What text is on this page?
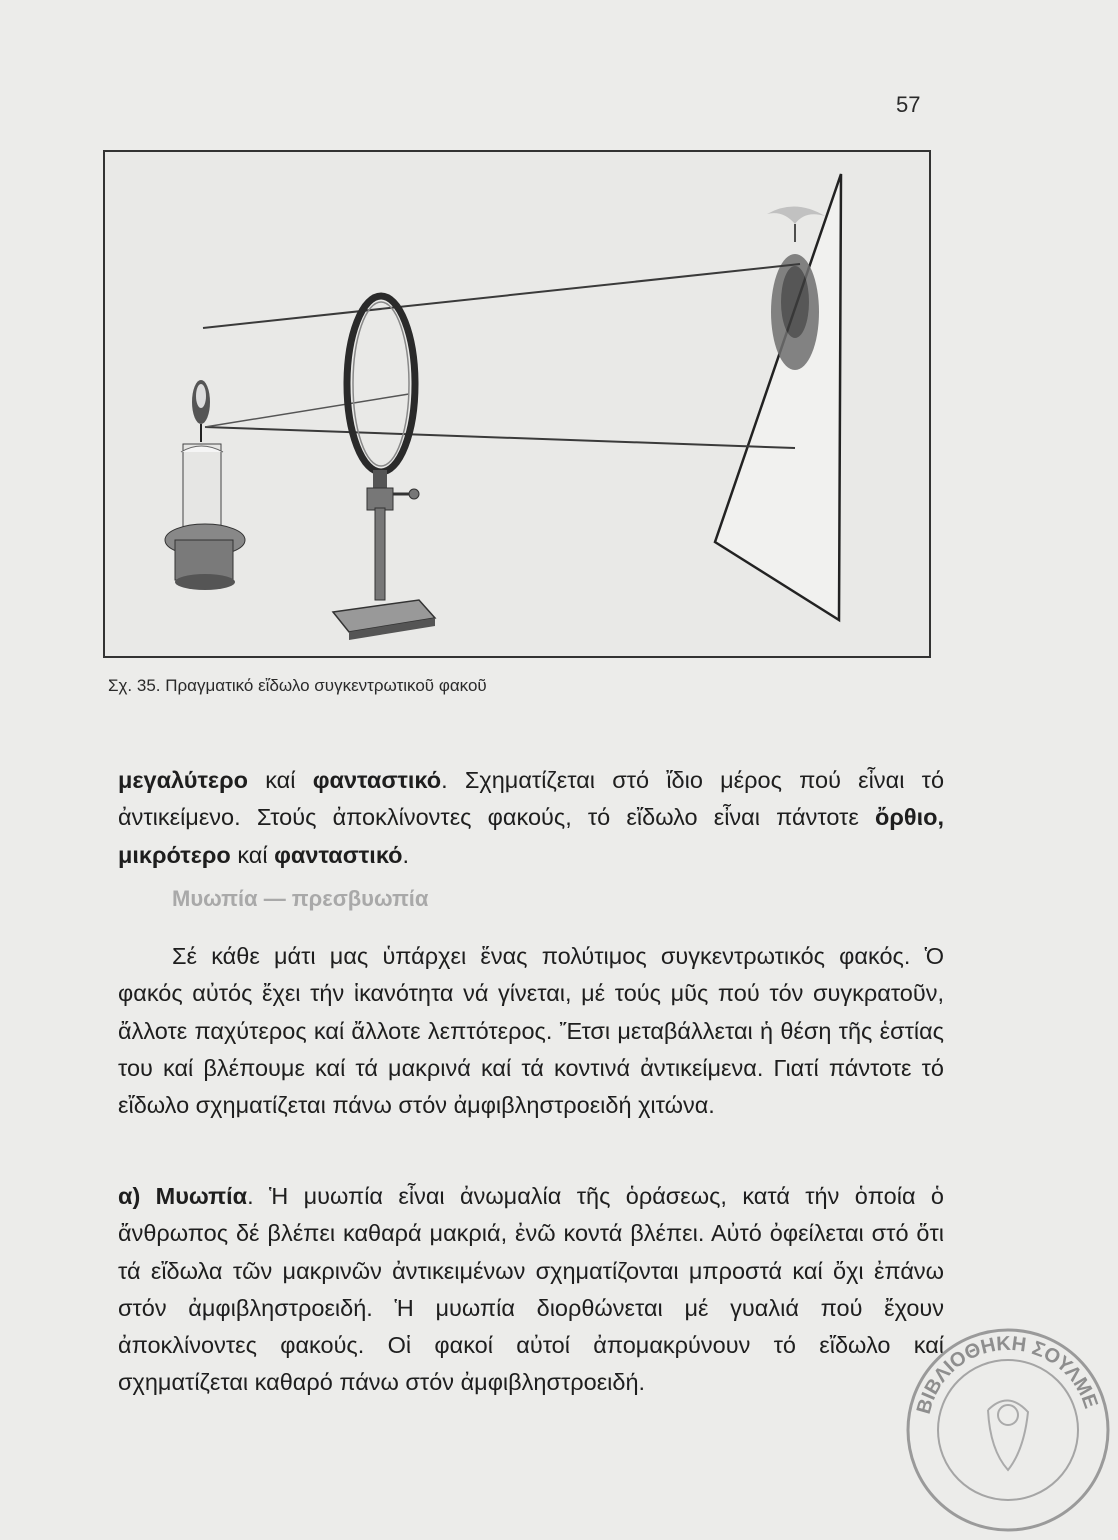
57
Σχ. 35. Πραγματικό εἴδωλο συγκεντρωτικοῦ φακοῦ

μεγαλύτερο καί φανταστικό. Σχηματίζεται στό ἴδιο μέρος πού εἶναι τό ἀντικείμενο. Στούς ἀποκλίνοντες φακούς, τό εἴδωλο εἶναι πάντοτε ὄρθιο, μικρότερο καί φανταστικό.

Μυωπία — πρεσβυωπία

Σέ κάθε μάτι μας ὑπάρχει ἕνας πολύτιμος συγκεντρωτικός φακός. Ὁ φακός αὐτός ἔχει τήν ἱκανότητα νά γίνεται, μέ τούς μῦς πού τόν συγκρατοῦν, ἄλλοτε παχύτερος καί ἄλλοτε λεπτότερος. Ἔτσι μεταβάλλεται ἡ θέση τῆς ἑστίας του καί βλέπουμε καί τά μακρινά καί τά κοντινά ἀντικείμενα. Γιατί πάντοτε τό εἴδωλο σχηματίζεται πάνω στόν ἀμφιβληστροειδή χιτώνα.

α) Μυωπία. Ἡ μυωπία εἶναι ἀνωμαλία τῆς ὁράσεως, κατά τήν ὁποία ὁ ἄνθρωπος δέ βλέπει καθαρά μακριά, ἐνῶ κοντά βλέπει. Αὐτό ὀφείλεται στό ὅτι τά εἴδωλα τῶν μακρινῶν ἀντικειμένων σχηματίζονται μπροστά καί ὄχι ἐπάνω στόν ἀμφιβληστροειδή. Ἡ μυωπία διορθώνεται μέ γυαλιά πού ἔχουν ἀποκλίνοντες φακούς. Οἱ φακοί αὐτοί ἀπομακρύνουν τό εἴδωλο καί σχηματίζεται καθαρό πάνω στόν ἀμφιβληστροειδή.

ΒΙΒΛΙΟΘΗΚΗ ΣΟΥΛΜΕ
